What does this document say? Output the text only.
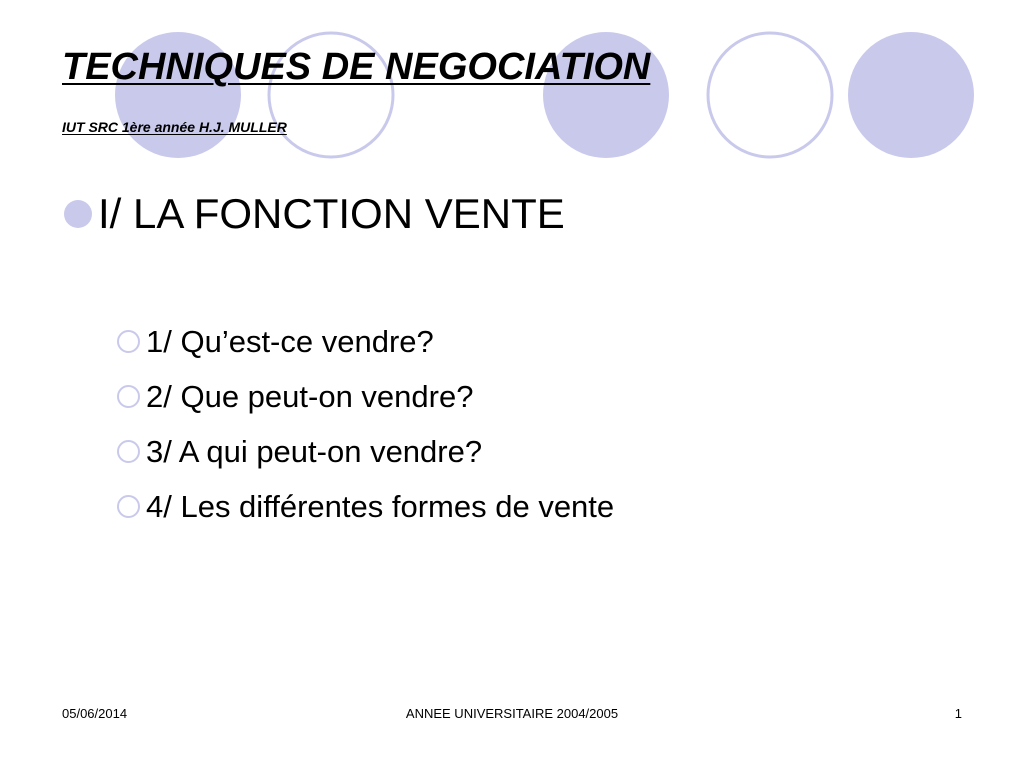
TECHNIQUES DE NEGOCIATION
IUT SRC 1ère année H.J. MULLER
I/ LA FONCTION VENTE
1/ Qu’est-ce vendre?
2/ Que peut-on vendre?
3/ A qui peut-on vendre?
4/ Les différentes formes de vente
05/06/2014	ANNEE UNIVERSITAIRE 2004/2005	1
